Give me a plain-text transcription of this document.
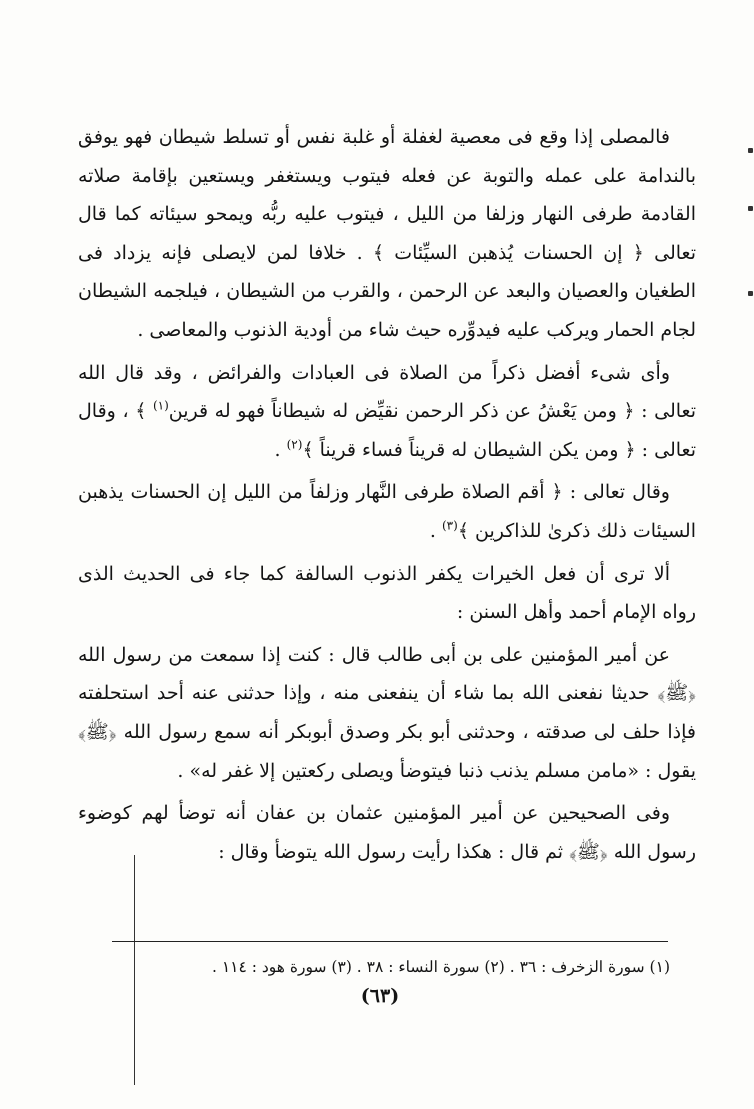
فالمصلى إذا وقع فى معصية لغفلة أو غلبة نفس أو تسلط شيطان فهو يوفق بالندامة على عمله والتوبة عن فعله فيتوب ويستغفر ويستعين بإقامة صلاته القادمة طرفى النهار وزلفا من الليل ، فيتوب عليه ربُّه ويمحو سيئاته كما قال تعالى ﴿ إن الحسنات يُذهبن السيِّئات ﴾ . خلافا لمن لايصلى فإنه يزداد فى الطغيان والعصيان والبعد عن الرحمن ، والقرب من الشيطان ، فيلجمه الشيطان لجام الحمار ويركب عليه فيدوِّره حيث شاء من أودية الذنوب والمعاصى .

وأى شىء أفضل ذكراً من الصلاة فى العبادات والفرائض ، وقد قال الله تعالى : ﴿ ومن يَعْشُ عن ذكر الرحمن نقيِّض له شيطاناً فهو له قرين$^{(١)}$ ﴾ ، وقال تعالى : ﴿ ومن يكن الشيطان له قريناً فساء قريناً ﴾$^{(٢)}$ .

وقال تعالى : ﴿ أقم الصلاة طرفى النَّهار وزلفاً من الليل إن الحسنات يذهبن السيئات ذلك ذكرىٰ للذاكرين ﴾$^{(٣)}$ .

ألا ترى أن فعل الخيرات يكفر الذنوب السالفة كما جاء فى الحديث الذى رواه الإمام أحمد وأهل السنن :

عن أمير المؤمنين على بن أبى طالب قال : كنت إذا سمعت من رسول الله ﴿ﷺ﴾ حديثا نفعنى الله بما شاء أن ينفعنى منه ، وإذا حدثنى عنه أحد استحلفته فإذا حلف لى صدقته ، وحدثنى أبو بكر وصدق أبوبكر أنه سمع رسول الله ﴿ﷺ﴾ يقول : «مامن مسلم يذنب ذنبا فيتوضأ ويصلى ركعتين إلا غفر له» .

وفى الصحيحين عن أمير المؤمنين عثمان بن عفان أنه توضأ لهم كوضوء رسول الله ﴿ﷺ﴾ ثم قال : هكذا رأيت رسول الله يتوضأ وقال :

(١) سورة الزخرف : ٣٦ . (٢) سورة النساء : ٣٨ . (٣) سورة هود : ١١٤ .
(٦٣)
